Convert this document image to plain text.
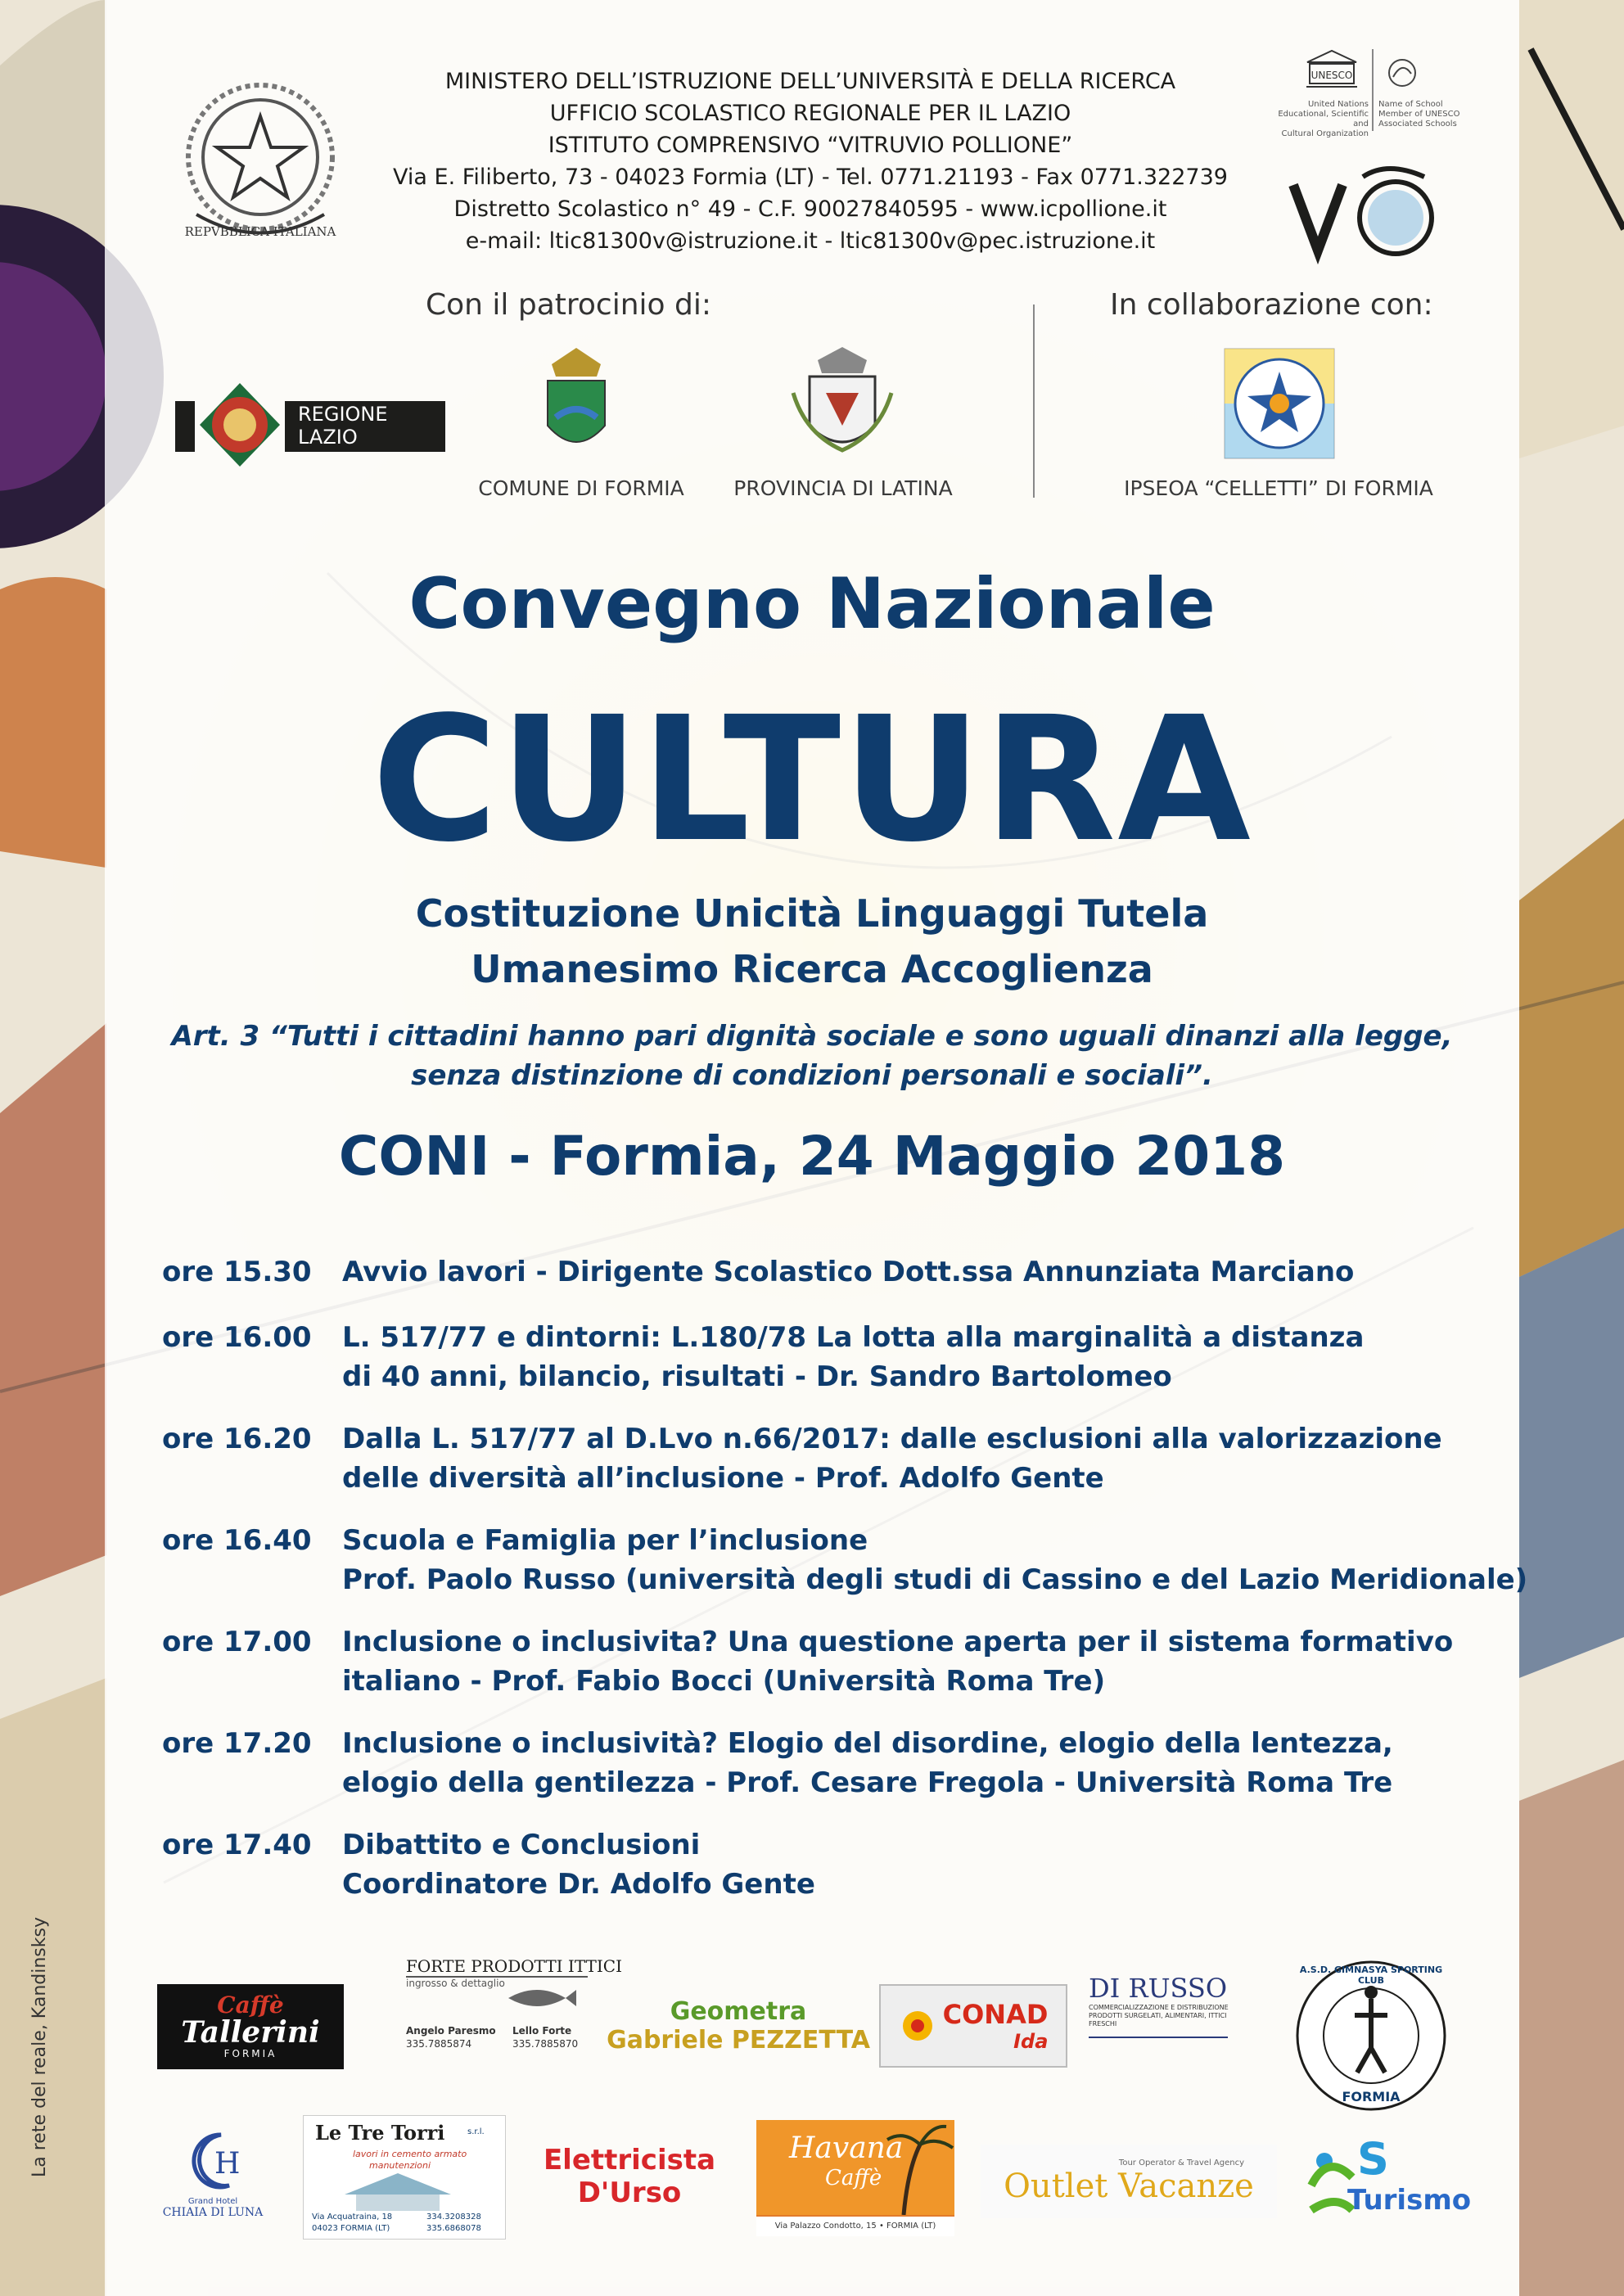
REPVBBLICA ITALIANA
MINISTERO DELL’ISTRUZIONE DELL’UNIVERSITÀ E DELLA RICERCA
UFFICIO SCOLASTICO REGIONALE PER IL LAZIO
ISTITUTO COMPRENSIVO “VITRUVIO POLLIONE”
Via E. Filiberto, 73 - 04023 Formia (LT) - Tel. 0771.21193 - Fax 0771.322739
Distretto Scolastico n° 49 - C.F. 90027840595 - www.icpollione.it
e-mail: ltic81300v@istruzione.it - ltic81300v@pec.istruzione.it
UNESCO
United Nations
Educational, Scientific and
Cultural Organization
Name of School
Member of UNESCO
Associated Schools
Con il patrocinio di:	In collaborazione con:
REGIONE
LAZIO
COMUNE DI FORMIA	PROVINCIA DI LATINA	IPSEOA “CELLETTI” DI FORMIA
Convegno Nazionale
CULTURA
Costituzione Unicità Linguaggi Tutela
Umanesimo Ricerca Accoglienza
Art. 3 “Tutti i cittadini hanno pari dignità sociale e sono uguali dinanzi alla legge,
senza distinzione di condizioni personali e sociali”.
CONI - Formia, 24 Maggio 2018
ore 15.30	Avvio lavori - Dirigente Scolastico Dott.ssa Annunziata Marciano
ore 16.00	L. 517/77 e dintorni: L.180/78 La lotta alla marginalità a distanza
di 40 anni, bilancio, risultati - Dr. Sandro Bartolomeo
ore 16.20	Dalla L. 517/77 al D.Lvo n.66/2017: dalle esclusioni alla valorizzazione
delle diversità all’inclusione - Prof. Adolfo Gente
ore 16.40	Scuola e Famiglia per l’inclusione
Prof. Paolo Russo (università degli studi di Cassino e del Lazio Meridionale)
ore 17.00	Inclusione o inclusivita? Una questione aperta per il sistema formativo
italiano - Prof. Fabio Bocci (Università Roma Tre)
ore 17.20	Inclusione o inclusività? Elogio del disordine, elogio della lentezza,
elogio della gentilezza - Prof. Cesare Fregola - Università Roma Tre
ore 17.40	Dibattito e Conclusioni
Coordinatore Dr. Adolfo Gente
La rete del reale, Kandinsksy	Caffè
Tallerini
FORMIA
FORTE PRODOTTI ITTICI
ingrosso & dettaglio
Angelo Paresmo
335.7885874
Lello Forte
335.7885870
Geometra
Gabriele PEZZETTA
CONAD
Ida
DI RUSSO
COMMERCIALIZZAZIONE E DISTRIBUZIONE
PRODOTTI SURGELATI, ALIMENTARI, ITTICI FRESCHI
A.S.D. GIMNASYA SPORTING CLUB
FORMIA
H
Grand Hotel
CHIAIA DI LUNA
Le Tre Torri	s.r.l.
lavori in cemento armato
manutenzioni
Via Acquatraina, 18
04023 FORMIA (LT)
334.3208328
335.6868078
Elettricista
D'Urso
Havana
Caffè
Via Palazzo Condotto, 15 • FORMIA (LT)
Tour Operator & Travel Agency
Outlet Vacanze
S
Turismo
